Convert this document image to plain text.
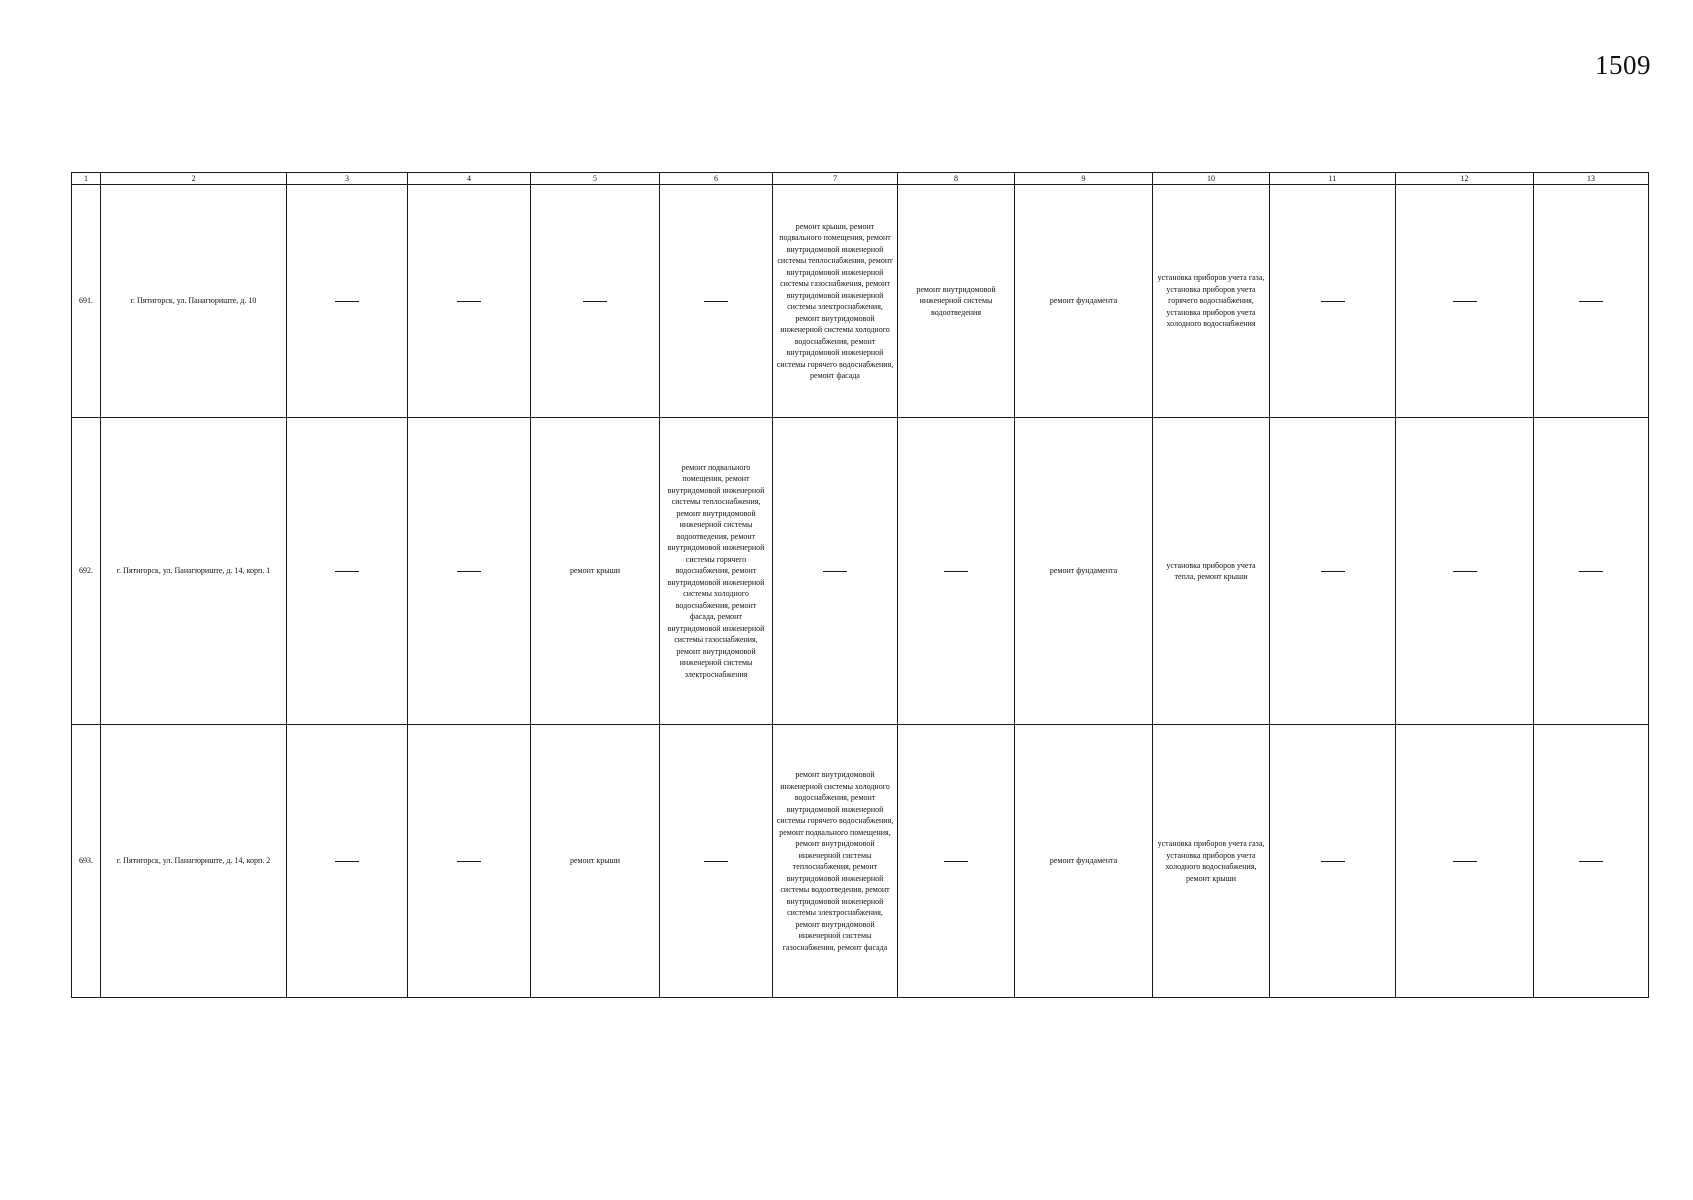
1509
1	2	3	4	5	6	7	8	9	10	11	12	13
691.	г. Пятигорск, ул. Панагюриште, д. 10					ремонт крыши, ремонт подвального помещения, ремонт внутридомовой инженерной системы теплоснабжения, ремонт внутридомовой инженерной системы газоснабжения, ремонт внутридомовой инженерной системы электроснабжения, ремонт внутридомовой инженерной системы холодного водоснабжения, ремонт внутридомовой инженерной системы горячего водоснабжения, ремонт фасада	ремонт внутридомовой инженерной системы водоотведения	ремонт фундамента	установка приборов учета газа, установка приборов учета горячего водоснабжения, установка приборов учета холодного водоснабжения			
692.	г. Пятигорск, ул. Панагюриште, д. 14, корп. 1			ремонт крыши	ремонт подвального помещения, ремонт внутридомовой инженерной системы теплоснабжения, ремонт внутридомовой инженерной системы водоотведения, ремонт внутридомовой инженерной системы горячего водоснабжения, ремонт внутридомовой инженерной системы холодного водоснабжения, ремонт фасада, ремонт внутридомовой инженерной системы газоснабжения, ремонт внутридомовой инженерной системы электроснабжения			ремонт фундамента	установка приборов учета тепла, ремонт крыши			
693.	г. Пятигорск, ул. Панагюриште, д. 14, корп. 2			ремонт крыши		ремонт внутридомовой инженерной системы холодного водоснабжения, ремонт внутридомовой инженерной системы горячего водоснабжения, ремонт подвального помещения, ремонт внутридомовой инженерной системы теплоснабжения, ремонт внутридомовой инженерной системы водоотведения, ремонт внутридомовой инженерной системы электроснабжения, ремонт внутридомовой инженерной системы газоснабжения, ремонт фасада		ремонт фундамента	установка приборов учета газа, установка приборов учета холодного водоснабжения, ремонт крыши			
